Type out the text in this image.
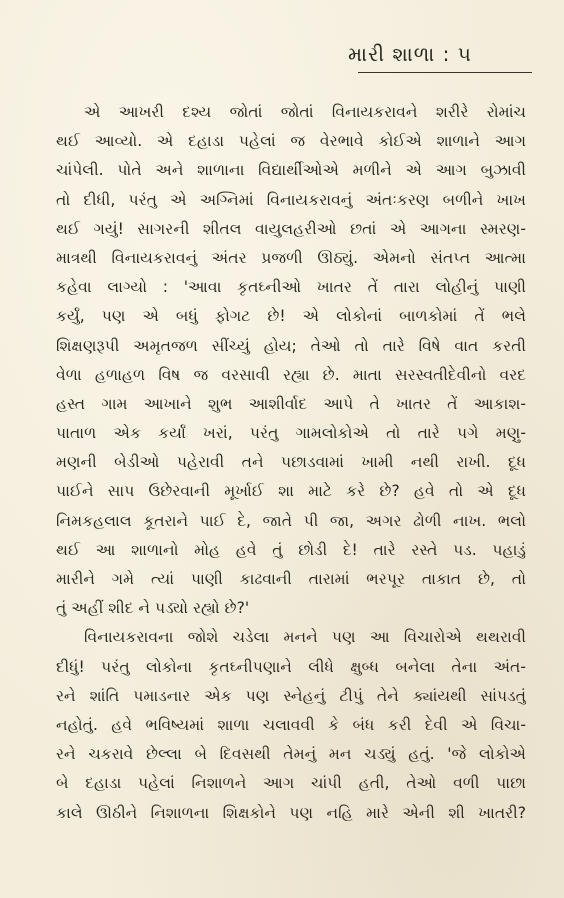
મારી શાળા : ૫
એ આખરી દશ્ય જોતાં જોતાં વિનાયકરાવને શરીરે રોમાંચ
થઈ આવ્યો. એ દહાડા પહેલાં જ વેરભાવે કોઈએ શાળાને આગ
ચાંપેલી. પોતે અને શાળાના વિદ્યાર્થીઓએ મળીને એ આગ બુઝાવી
તો દીધી, પરંતુ એ અગ્નિમાં વિનાયકરાવનું અંતઃકરણ બળીને ખાખ
થઈ ગયું! સાગરની શીતલ વાયુલહરીઓ છતાં એ આગના સ્મરણ-
માત્રથી વિનાયકરાવનું અંતર પ્રજળી ઊઠ્યું. એમનો સંતપ્ત આત્મા
કહેવા લાગ્યો : 'આવા કૃતઘ્નીઓ ખાતર તેં તારા લોહીનું પાણી
કર્યું, પણ એ બધું ફોગટ છે! એ લોકોનાં બાળકોમાં તેં ભલે
શિક્ષણરૂપી અમૃતજળ સીંચ્યું હોય; તેઓ તો તારે વિષે વાત કરતી
વેળા હળાહળ વિષ જ વરસાવી રહ્યા છે. માતા સરસ્વતીદેવીનો વરદ
હસ્ત ગામ આખાને શુભ આશીર્વાદ આપે તે ખાતર તેં આકાશ-
પાતાળ એક કર્યાં ખરાં, પરંતુ ગામલોકોએ તો તારે પગે મણુ-
મણની બેડીઓ પહેરાવી તને પછાડવામાં ખામી નથી રાખી. દૂધ
પાઈને સાપ ઉછેરવાની મૂર્ખાઈ શા માટે કરે છે? હવે તો એ દૂધ
નિમકહલાલ કૂતરાને પાઈ દે, જાતે પી જા, અગર ઢોળી નાખ. ભલો
થઈ આ શાળાનો મોહ હવે તું છોડી દે! તારે રસ્તે પડ. પહાડું
મારીને ગમે ત્યાં પાણી કાઢવાની તારામાં ભરપૂર તાકાત છે, તો
તું અહીં શીદ ને પડ્યો રહ્યો છે?'
વિનાયકરાવના જોશે ચડેલા મનને પણ આ વિચારોએ થથરાવી
દીધું! પરંતુ લોકોના કૃતઘ્નીપણાને લીધે ક્ષુબ્ધ બનેલા તેના અંત-
રને શાંતિ પમાડનાર એક પણ સ્નેહનું ટીપું તેને ક્યાંયથી સાંપડતું
નહોતું. હવે ભવિષ્યમાં શાળા ચલાવવી કે બંધ કરી દેવી એ વિચા-
રને ચકરાવે છેલ્લા બે દિવસથી તેમનું મન ચડ્યું હતું. 'જે લોકોએ
બે દહાડા પહેલાં નિશાળને આગ ચાંપી હતી, તેઓ વળી પાછા
કાલે ઊઠીને નિશાળના શિક્ષકોને પણ નહિ મારે એની શી ખાતરી?
